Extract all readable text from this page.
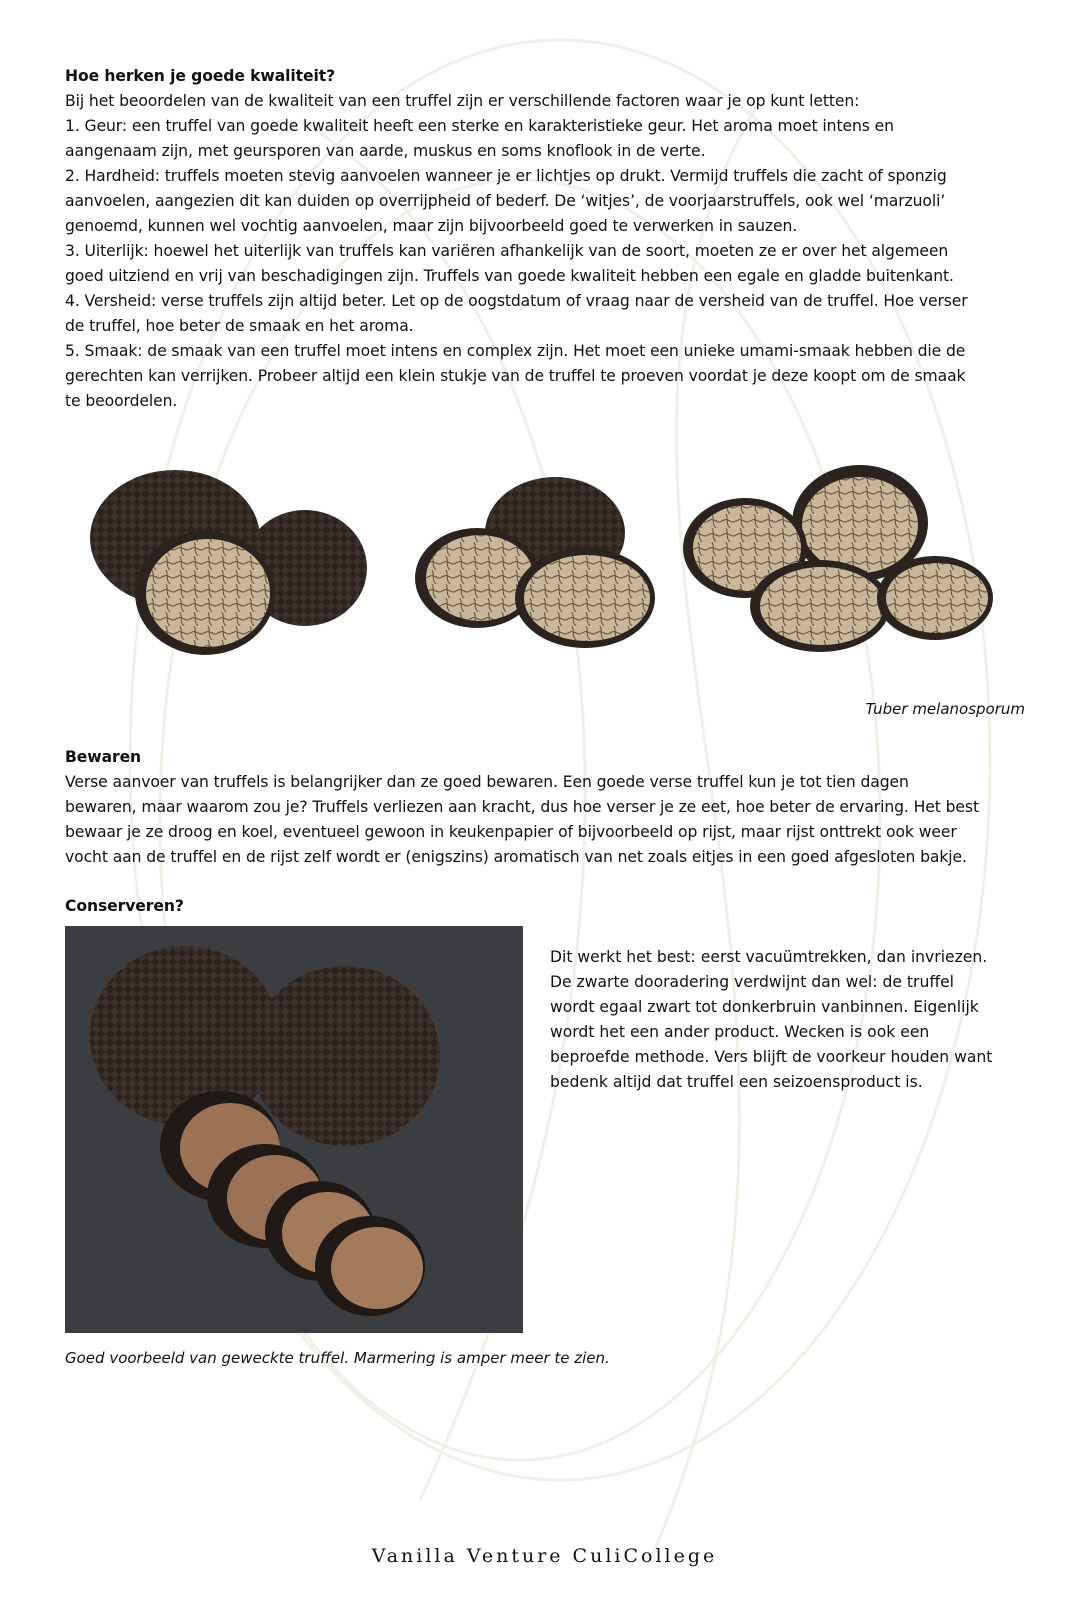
Hoe herken je goede kwaliteit?
Bij het beoordelen van de kwaliteit van een truffel zijn er verschillende factoren waar je op kunt letten:
1. Geur: een truffel van goede kwaliteit heeft een sterke en karakteristieke geur. Het aroma moet intens en
aangenaam zijn, met geursporen van aarde, muskus en soms knoflook in de verte.
2. Hardheid: truffels moeten stevig aanvoelen wanneer je er lichtjes op drukt. Vermijd truffels die zacht of sponzig
aanvoelen, aangezien dit kan duiden op overrijpheid of bederf. De ‘witjes’, de voorjaarstruffels, ook wel ‘marzuoli’
genoemd, kunnen wel vochtig aanvoelen, maar zijn bijvoorbeeld goed te verwerken in sauzen.
3. Uiterlijk: hoewel het uiterlijk van truffels kan variëren afhankelijk van de soort, moeten ze er over het algemeen
goed uitziend en vrij van beschadigingen zijn. Truffels van goede kwaliteit hebben een egale en gladde buitenkant.
4. Versheid: verse truffels zijn altijd beter. Let op de oogstdatum of vraag naar de versheid van de truffel. Hoe verser
de truffel, hoe beter de smaak en het aroma.
5. Smaak: de smaak van een truffel moet intens en complex zijn. Het moet een unieke umami-smaak hebben die de
gerechten kan verrijken. Probeer altijd een klein stukje van de truffel te proeven voordat je deze koopt om de smaak
te beoordelen.
Tuber melanosporum
Bewaren
Verse aanvoer van truffels is belangrijker dan ze goed bewaren. Een goede verse truffel kun je tot tien dagen
bewaren, maar waarom zou je? Truffels verliezen aan kracht, dus hoe verser je ze eet, hoe beter de ervaring. Het best
bewaar je ze droog en koel, eventueel gewoon in keukenpapier of bijvoorbeeld op rijst, maar rijst onttrekt ook weer
vocht aan de truffel en de rijst zelf wordt er (enigszins) aromatisch van net zoals eitjes in een goed afgesloten bakje.
Conserveren?
Dit werkt het best: eerst vacuümtrekken, dan invriezen.
De zwarte dooradering verdwijnt dan wel: de truffel
wordt egaal zwart tot donkerbruin vanbinnen. Eigenlijk
wordt het een ander product. Wecken is ook een
beproefde methode. Vers blijft de voorkeur houden want
bedenk altijd dat truffel een seizoensproduct is.
Goed voorbeeld van geweckte truffel. Marmering is amper meer te zien.
Vanilla Venture CuliCollege
